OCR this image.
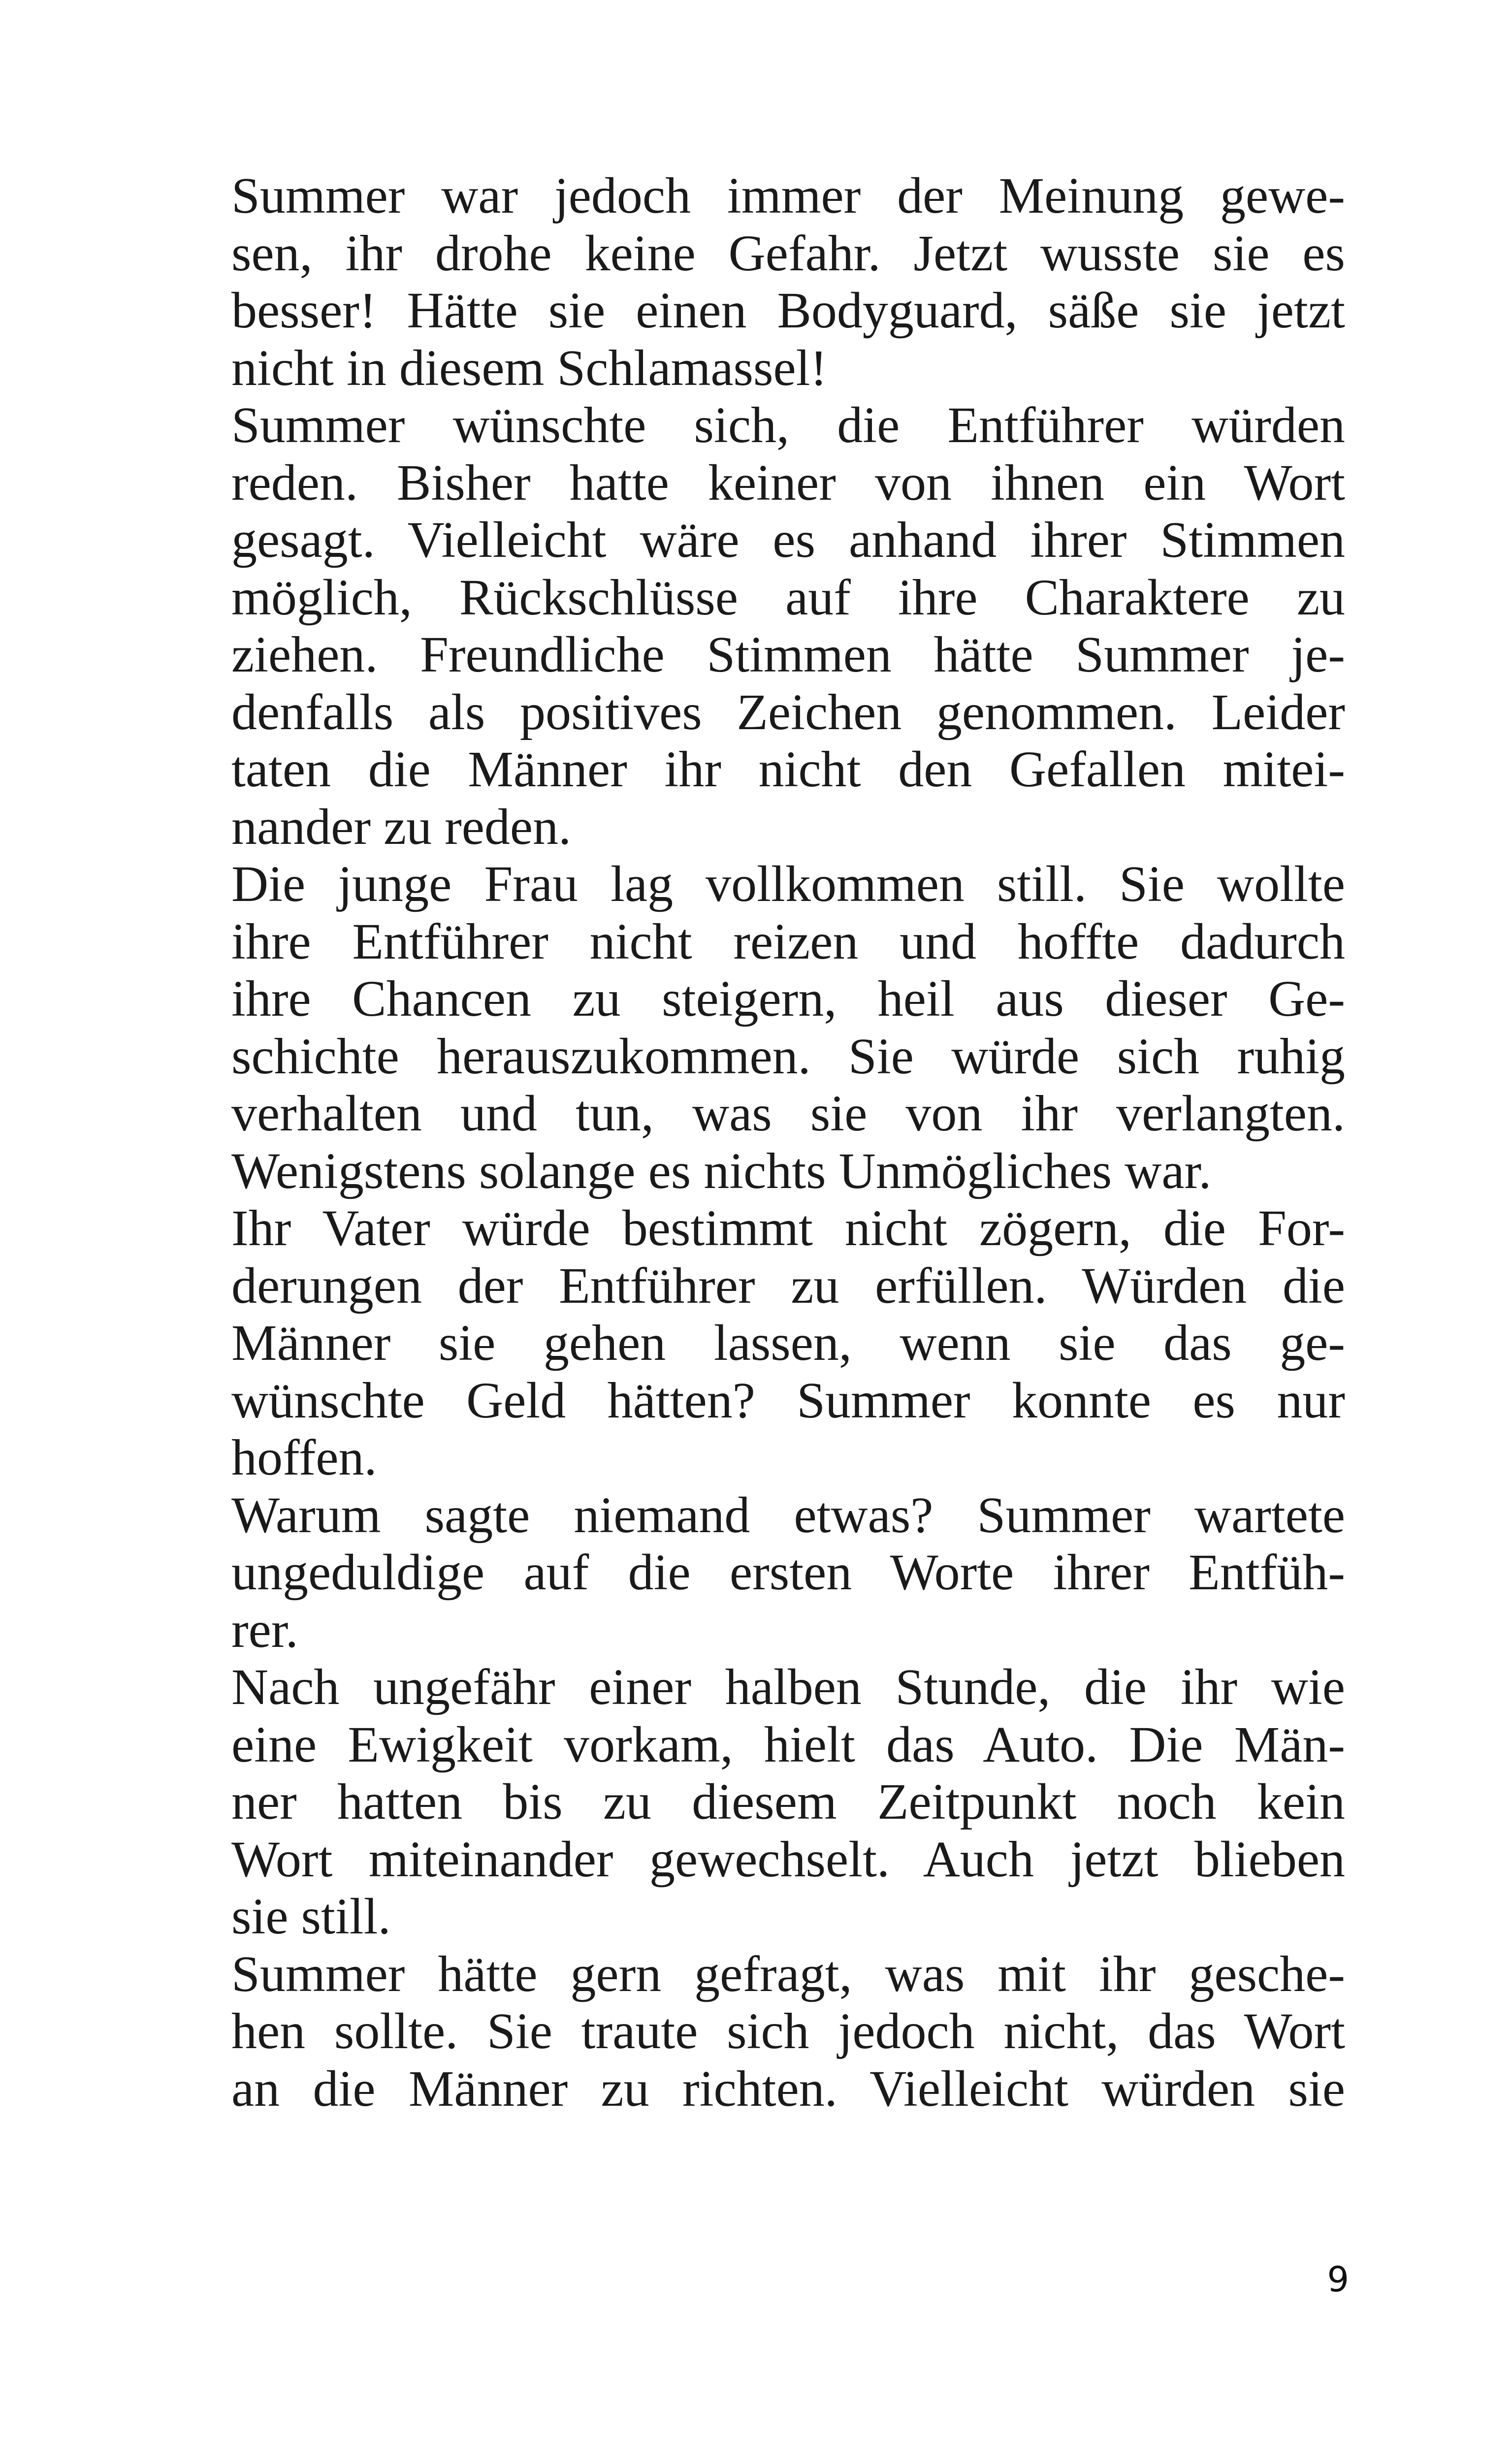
Summer war jedoch immer der Meinung gewe-
sen, ihr drohe keine Gefahr. Jetzt wusste sie es
besser! Hätte sie einen Bodyguard, säße sie jetzt
nicht in diesem Schlamassel!
Summer wünschte sich, die Entführer würden
reden. Bisher hatte keiner von ihnen ein Wort
gesagt. Vielleicht wäre es anhand ihrer Stimmen
möglich, Rückschlüsse auf ihre Charaktere zu
ziehen. Freundliche Stimmen hätte Summer je-
denfalls als positives Zeichen genommen. Leider
taten die Männer ihr nicht den Gefallen mitei-
nander zu reden.
Die junge Frau lag vollkommen still. Sie wollte
ihre Entführer nicht reizen und hoffte dadurch
ihre Chancen zu steigern, heil aus dieser Ge-
schichte herauszukommen. Sie würde sich ruhig
verhalten und tun, was sie von ihr verlangten.
Wenigstens solange es nichts Unmögliches war.
Ihr Vater würde bestimmt nicht zögern, die For-
derungen der Entführer zu erfüllen. Würden die
Männer sie gehen lassen, wenn sie das ge-
wünschte Geld hätten? Summer konnte es nur
hoffen.
Warum sagte niemand etwas? Summer wartete
ungeduldige auf die ersten Worte ihrer Entfüh-
rer.
Nach ungefähr einer halben Stunde, die ihr wie
eine Ewigkeit vorkam, hielt das Auto. Die Män-
ner hatten bis zu diesem Zeitpunkt noch kein
Wort miteinander gewechselt. Auch jetzt blieben
sie still.
Summer hätte gern gefragt, was mit ihr gesche-
hen sollte. Sie traute sich jedoch nicht, das Wort
an die Männer zu richten. Vielleicht würden sie
9
